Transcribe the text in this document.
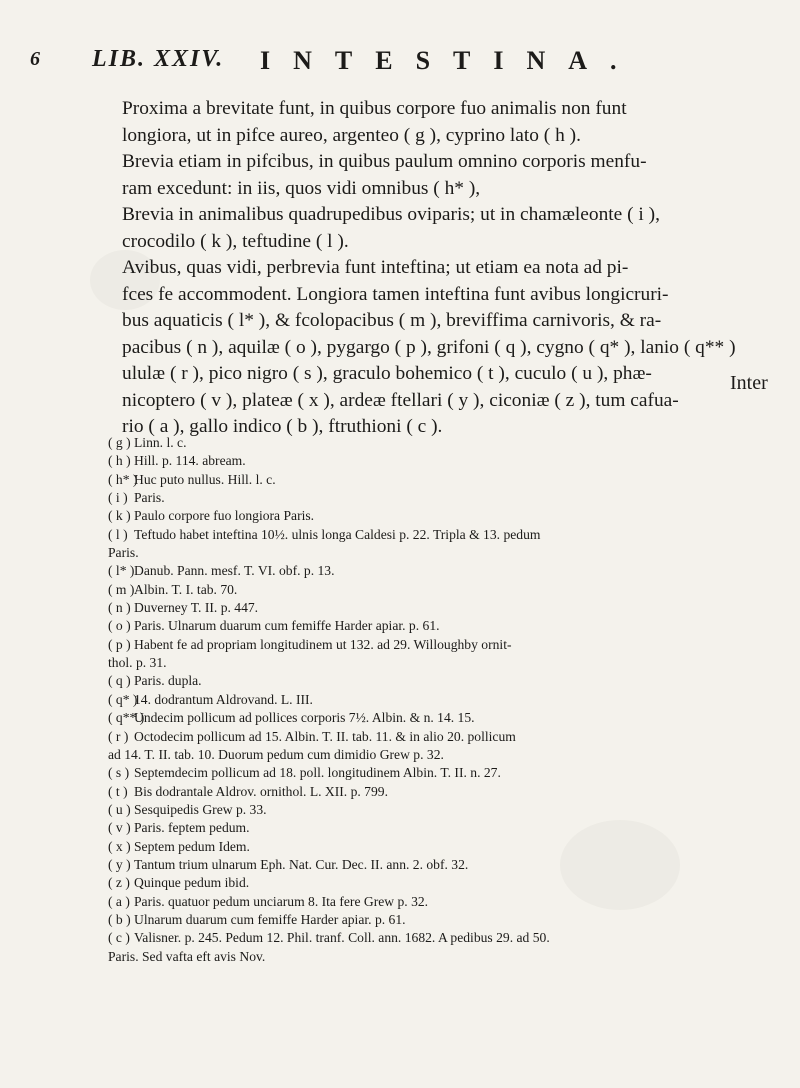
6 LIB. XXIV. INTESTINA.

Proxima a brevitate funt, in quibus corpore fuo animalis non funt

longiora, ut in pifce aureo, argenteo ( g ), cyprino lato ( h ).

Brevia etiam in pifcibus, in quibus paulum omnino corporis menfu-

ram excedunt: in iis, quos vidi omnibus ( h* ),

Brevia in animalibus quadrupedibus oviparis; ut in chamæleonte ( i ),

crocodilo ( k ), teftudine ( l ).

Avibus, quas vidi, perbrevia funt inteftina; ut etiam ea nota ad pi-

fces fe accommodent. Longiora tamen inteftina funt avibus longicruri-

bus aquaticis ( l* ), & fcolopacibus ( m ), breviffima carnivoris, & ra-

pacibus ( n ), aquilæ ( o ), pygargo ( p ), grifoni ( q ), cygno ( q* ), lanio ( q** )

ululæ ( r ), pico nigro ( s ), graculo bohemico ( t ), cuculo ( u ), phæ-

nicoptero ( v ), plateæ ( x ), ardeæ ftellari ( y ), ciconiæ ( z ), tum cafua-

rio ( a ), gallo indico ( b ), ftruthioni ( c ).

Inter
( g ) Linn. l. c.
( h ) Hill. p. 114. abream.
( h* )
Huc puto nullus. Hill. l. c.
( i ) Paris.
( k ) Paulo corpore fuo longiora Paris.
( l ) Teftudo habet inteftina 10½. ulnis longa Caldesi p. 22. Tripla & 13. pedum
Paris.
( l* ) Danub. Pann. mesf. T. VI. obf. p. 13.
( m ) Albin. T. I. tab. 70.
( n ) Duverney T. II. p. 447.
( o ) Paris. Ulnarum duarum cum femiffe Harder apiar. p. 61.
( p ) Habent fe ad propriam longitudinem ut 132. ad 29. Willoughby ornit-
thol. p. 31.
( q ) Paris. dupla.
( q* )
14. dodrantum Aldrovand. L. III.
( q** )
Undecim pollicum ad pollices corporis 7½. Albin. & n. 14. 15.
( r ) Octodecim pollicum ad 15. Albin. T. II. tab. 11. & in alio 20. pollicum
ad 14. T. II. tab. 10. Duorum pedum cum dimidio Grew p. 32.
( s ) Septemdecim pollicum ad 18. poll. longitudinem Albin. T. II. n. 27.
( t ) Bis dodrantale Aldrov. ornithol. L. XII. p. 799.
( u ) Sesquipedis Grew p. 33.
( v ) Paris. feptem pedum.
( x ) Septem pedum Idem.
( y ) Tantum trium ulnarum Eph. Nat. Cur. Dec. II. ann. 2. obf. 32.
( z ) Quinque pedum ibid.
( a ) Paris. quatuor pedum unciarum 8. Ita fere Grew p. 32.
( b ) Ulnarum duarum cum femiffe Harder apiar. p. 61.
( c ) Valisner. p. 245. Pedum 12. Phil. tranf. Coll. ann. 1682. A pedibus 29. ad 50.
Paris. Sed vafta eft avis Nov.
